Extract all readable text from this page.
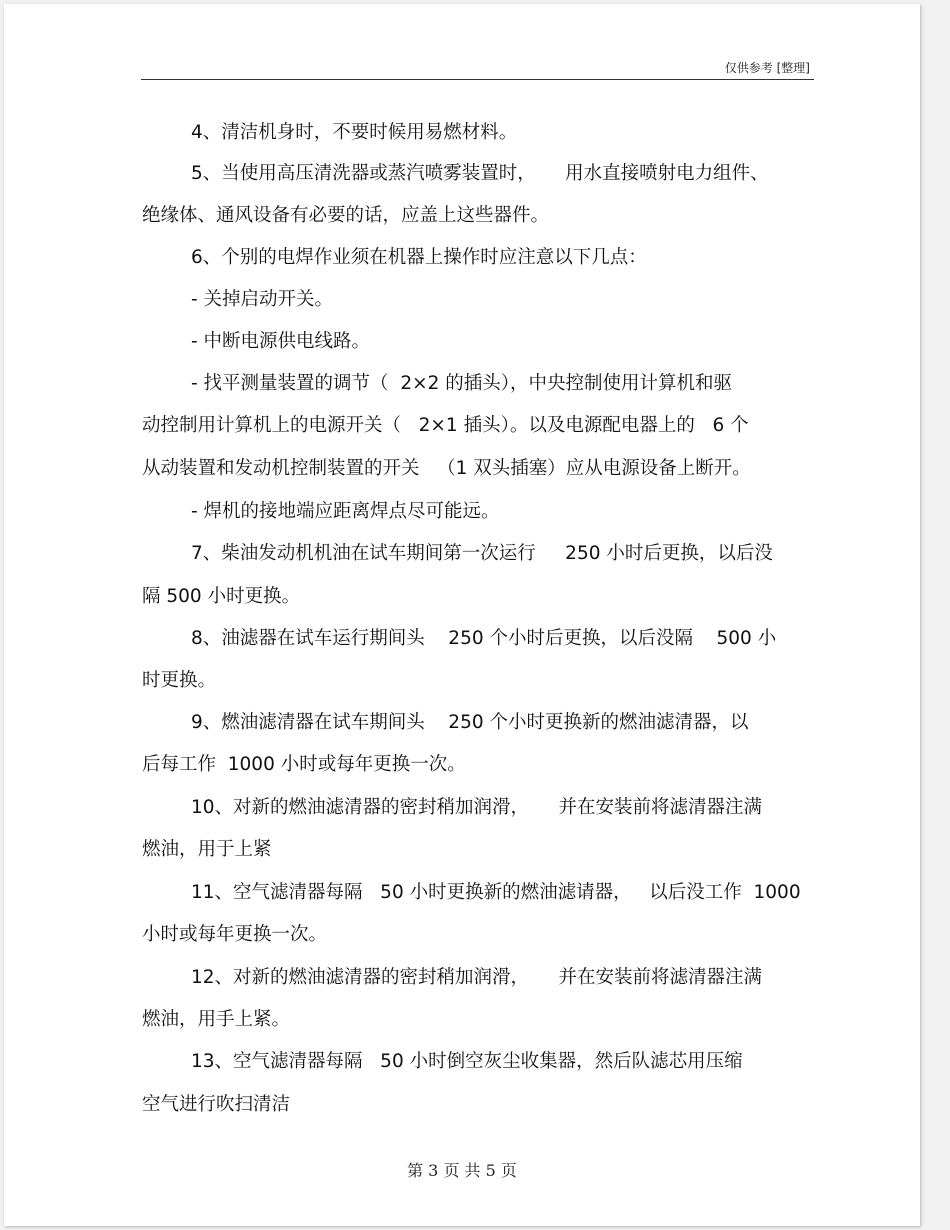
仅供参考 [整理]
4、清洁机身时，不要时候用易燃材料。
5、当使用高压清洗器或蒸汽喷雾装置时，     用水直接喷射电力组件、
绝缘体、通风设备有必要的话，应盖上这些器件。
6、个别的电焊作业须在机器上操作时应注意以下几点：
- 关掉启动开关。
- 中断电源供电线路。
- 找平测量装置的调节（  2×2 的插头），中央控制使用计算机和驱
动控制用计算机上的电源开关（   2×1 插头）。以及电源配电器上的   6 个
从动装置和发动机控制装置的开关   （1 双头插塞）应从电源设备上断开。
- 焊机的接地端应距离焊点尽可能远。
7、柴油发动机机油在试车期间第一次运行     250 小时后更换，以后没
隔 500 小时更换。
8、油滤器在试车运行期间头    250 个小时后更换，以后没隔    500 小
时更换。
9、燃油滤清器在试车期间头    250 个小时更换新的燃油滤清器，以
后每工作  1000 小时或每年更换一次。
10、对新的燃油滤清器的密封稍加润滑，     并在安装前将滤清器注满
燃油，用于上紧
11、空气滤清器每隔   50 小时更换新的燃油滤请器，   以后没工作  1000
小时或每年更换一次。
12、对新的燃油滤清器的密封稍加润滑，     并在安装前将滤清器注满
燃油，用手上紧。
13、空气滤清器每隔   50 小时倒空灰尘收集器，然后队滤芯用压缩
空气进行吹扫清洁
第 3 页 共 5 页
